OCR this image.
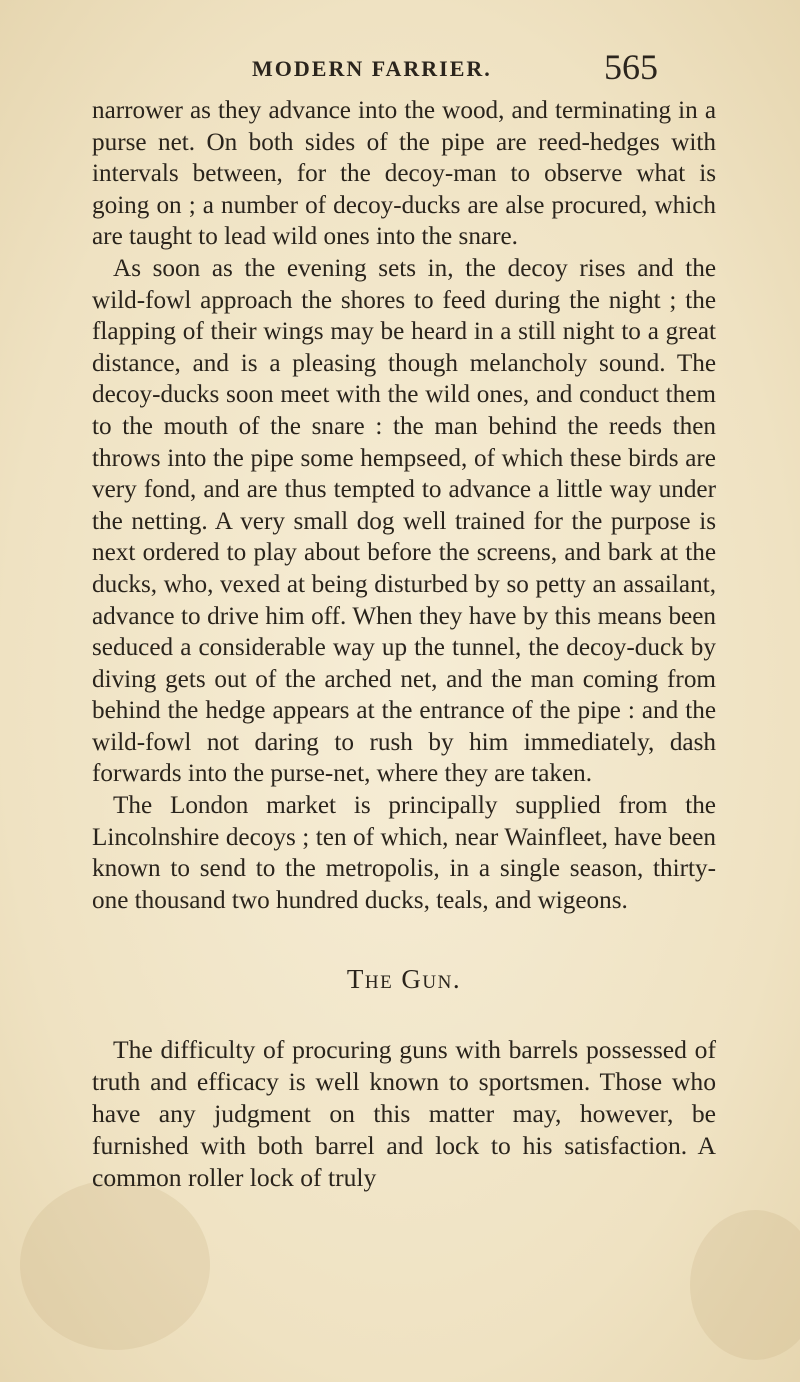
MODERN FARRIER.	565

narrower as they advance into the wood, and terminating in a purse net. On both sides of the pipe are reed-hedges with intervals between, for the decoy-man to observe what is going on ; a number of decoy-ducks are alse procured, which are taught to lead wild ones into the snare.

As soon as the evening sets in, the decoy rises and the wild-fowl approach the shores to feed during the night ; the flapping of their wings may be heard in a still night to a great distance, and is a pleasing though melancholy sound. The decoy-ducks soon meet with the wild ones, and conduct them to the mouth of the snare : the man behind the reeds then throws into the pipe some hempseed, of which these birds are very fond, and are thus tempted to advance a little way under the netting. A very small dog well trained for the purpose is next ordered to play about before the screens, and bark at the ducks, who, vexed at being disturbed by so petty an assailant, advance to drive him off. When they have by this means been seduced a considerable way up the tunnel, the decoy-duck by diving gets out of the arched net, and the man coming from behind the hedge appears at the entrance of the pipe : and the wild-fowl not daring to rush by him immediately, dash forwards into the purse-net, where they are taken.

The London market is principally supplied from the Lincolnshire decoys ; ten of which, near Wainfleet, have been known to send to the metropolis, in a single season, thirty-one thousand two hundred ducks, teals, and wigeons.

The Gun.

The difficulty of procuring guns with barrels possessed of truth and efficacy is well known to sportsmen. Those who have any judgment on this matter may, however, be furnished with both barrel and lock to his satisfaction. A common roller lock of truly
